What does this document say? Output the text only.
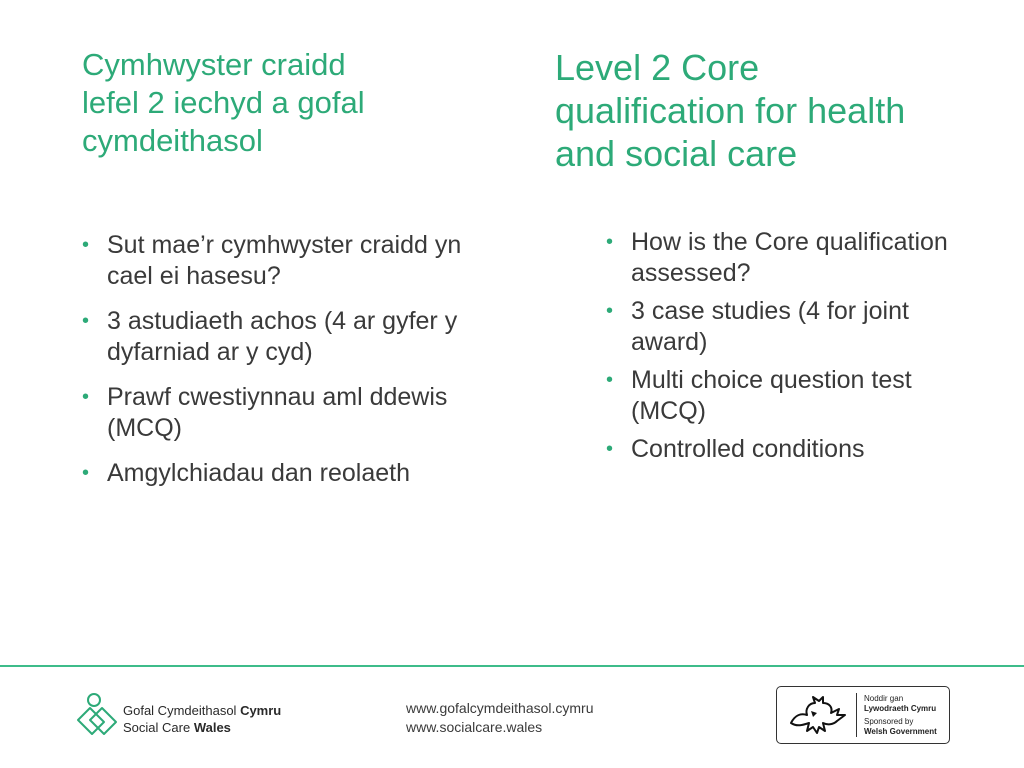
Cymhwyster craidd
lefel 2 iechyd a gofal
cymdeithasol
Level 2 Core
qualification for health
and social care
• Sut mae’r cymhwyster craidd yn cael ei hasesu?
• 3 astudiaeth achos (4 ar gyfer y dyfarniad ar y cyd)
• Prawf cwestiynnau aml ddewis (MCQ)
• Amgylchiadau dan reolaeth
• How is the Core qualification assessed?
• 3 case studies (4 for joint award)
• Multi choice question test (MCQ)
• Controlled conditions
Gofal Cymdeithasol Cymru
Social Care Wales
www.gofalcymdeithasol.cymru
www.socialcare.wales
Noddir gan
Lywodraeth Cymru
Sponsored by
Welsh Government
